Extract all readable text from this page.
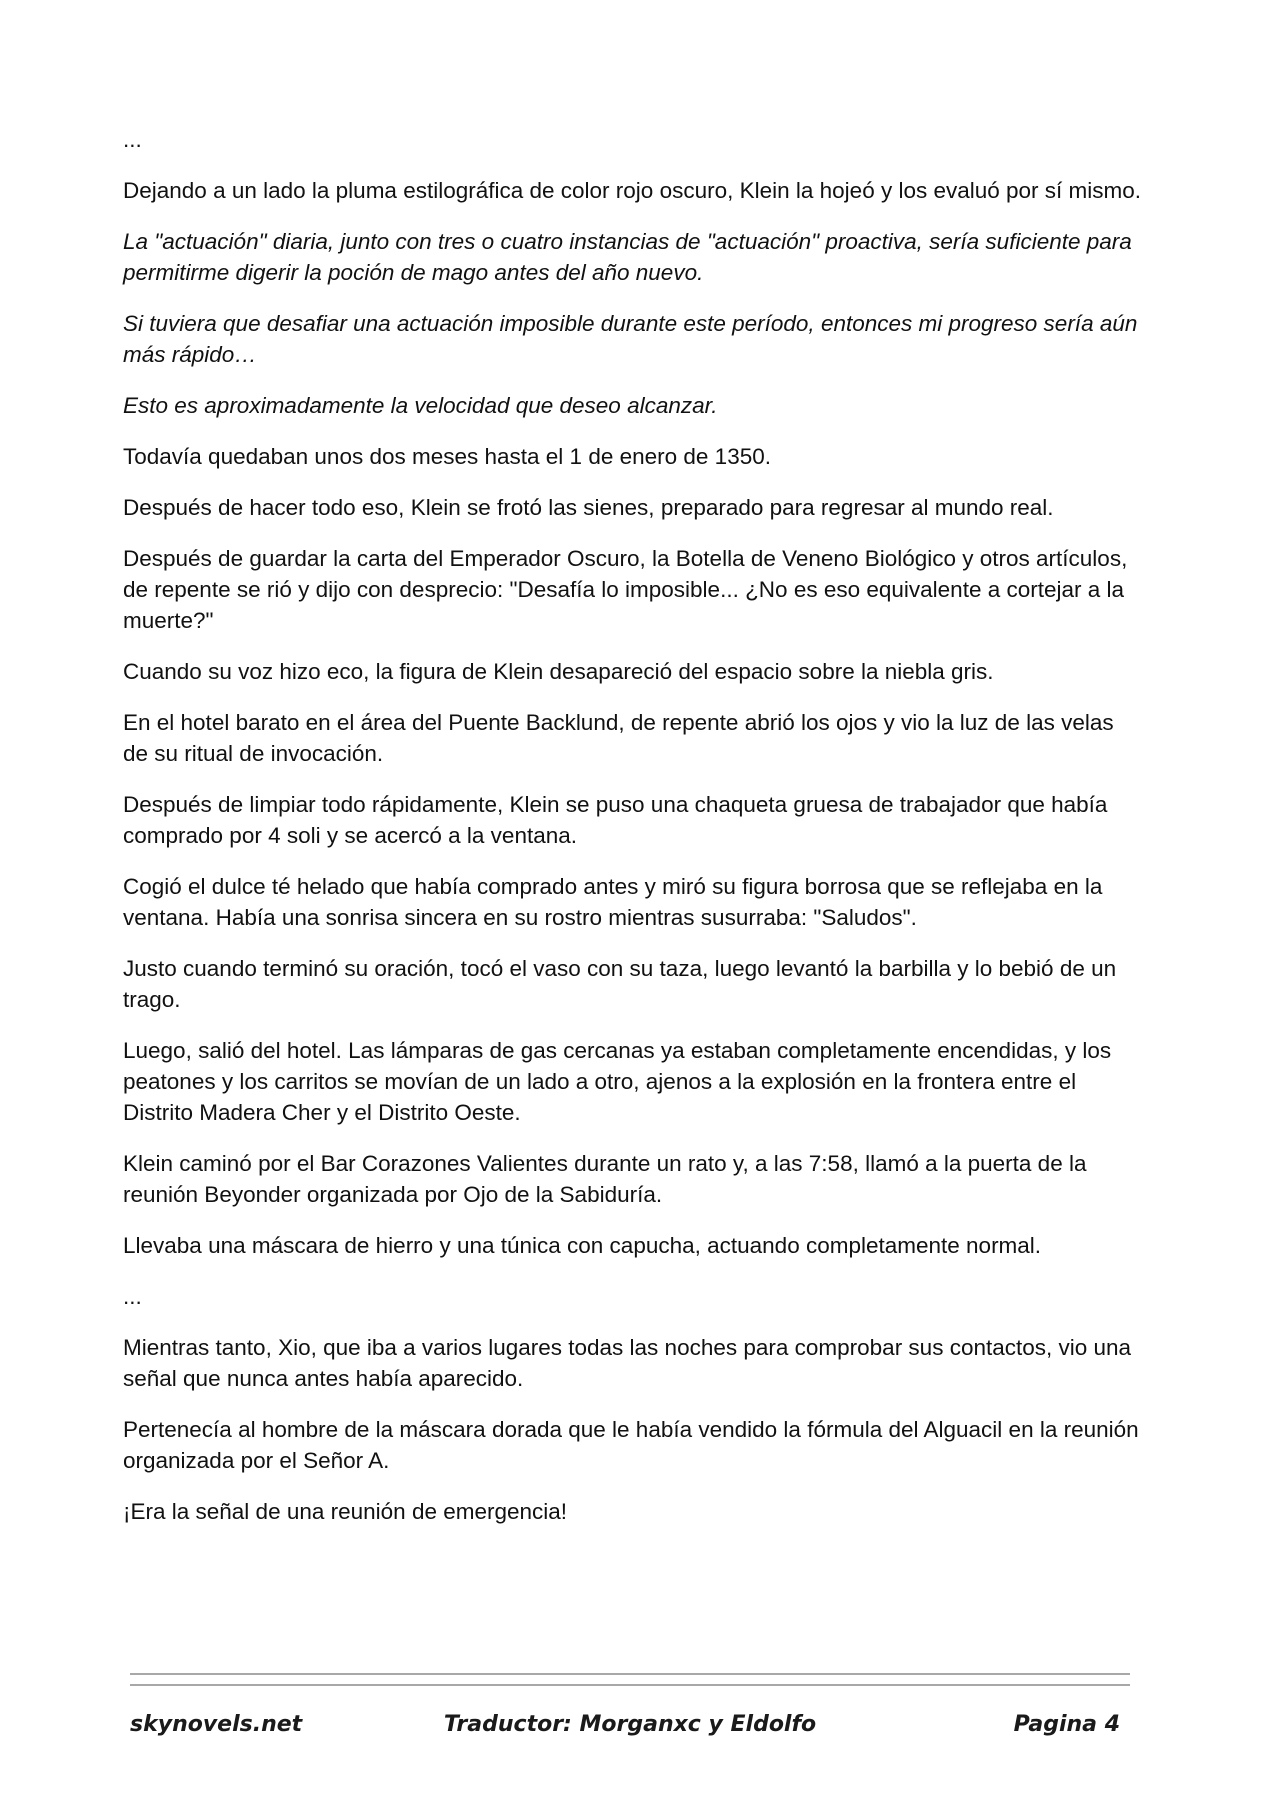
...

Dejando a un lado la pluma estilográfica de color rojo oscuro, Klein la hojeó y los evaluó por sí mismo.

La "actuación" diaria, junto con tres o cuatro instancias de "actuación" proactiva, sería suficiente para permitirme digerir la poción de mago antes del año nuevo.

Si tuviera que desafiar una actuación imposible durante este período, entonces mi progreso sería aún más rápido…

Esto es aproximadamente la velocidad que deseo alcanzar.

Todavía quedaban unos dos meses hasta el 1 de enero de 1350.

Después de hacer todo eso, Klein se frotó las sienes, preparado para regresar al mundo real.

Después de guardar la carta del Emperador Oscuro, la Botella de Veneno Biológico y otros artículos, de repente se rió y dijo con desprecio: "Desafía lo imposible... ¿No es eso equivalente a cortejar a la muerte?"

Cuando su voz hizo eco, la figura de Klein desapareció del espacio sobre la niebla gris.

En el hotel barato en el área del Puente Backlund, de repente abrió los ojos y vio la luz de las velas de su ritual de invocación.

Después de limpiar todo rápidamente, Klein se puso una chaqueta gruesa de trabajador que había comprado por 4 soli y se acercó a la ventana.

Cogió el dulce té helado que había comprado antes y miró su figura borrosa que se reflejaba en la ventana. Había una sonrisa sincera en su rostro mientras susurraba: "Saludos".

Justo cuando terminó su oración, tocó el vaso con su taza, luego levantó la barbilla y lo bebió de un trago.

Luego, salió del hotel. Las lámparas de gas cercanas ya estaban completamente encendidas, y los peatones y los carritos se movían de un lado a otro, ajenos a la explosión en la frontera entre el Distrito Madera Cher y el Distrito Oeste.

Klein caminó por el Bar Corazones Valientes durante un rato y, a las 7:58, llamó a la puerta de la reunión Beyonder organizada por Ojo de la Sabiduría.

Llevaba una máscara de hierro y una túnica con capucha, actuando completamente normal.

...

Mientras tanto, Xio, que iba a varios lugares todas las noches para comprobar sus contactos, vio una señal que nunca antes había aparecido.

Pertenecía al hombre de la máscara dorada que le había vendido la fórmula del Alguacil en la reunión organizada por el Señor A.

¡Era la señal de una reunión de emergencia!

skynovels.net	Traductor: Morganxc y Eldolfo	Pagina 4
